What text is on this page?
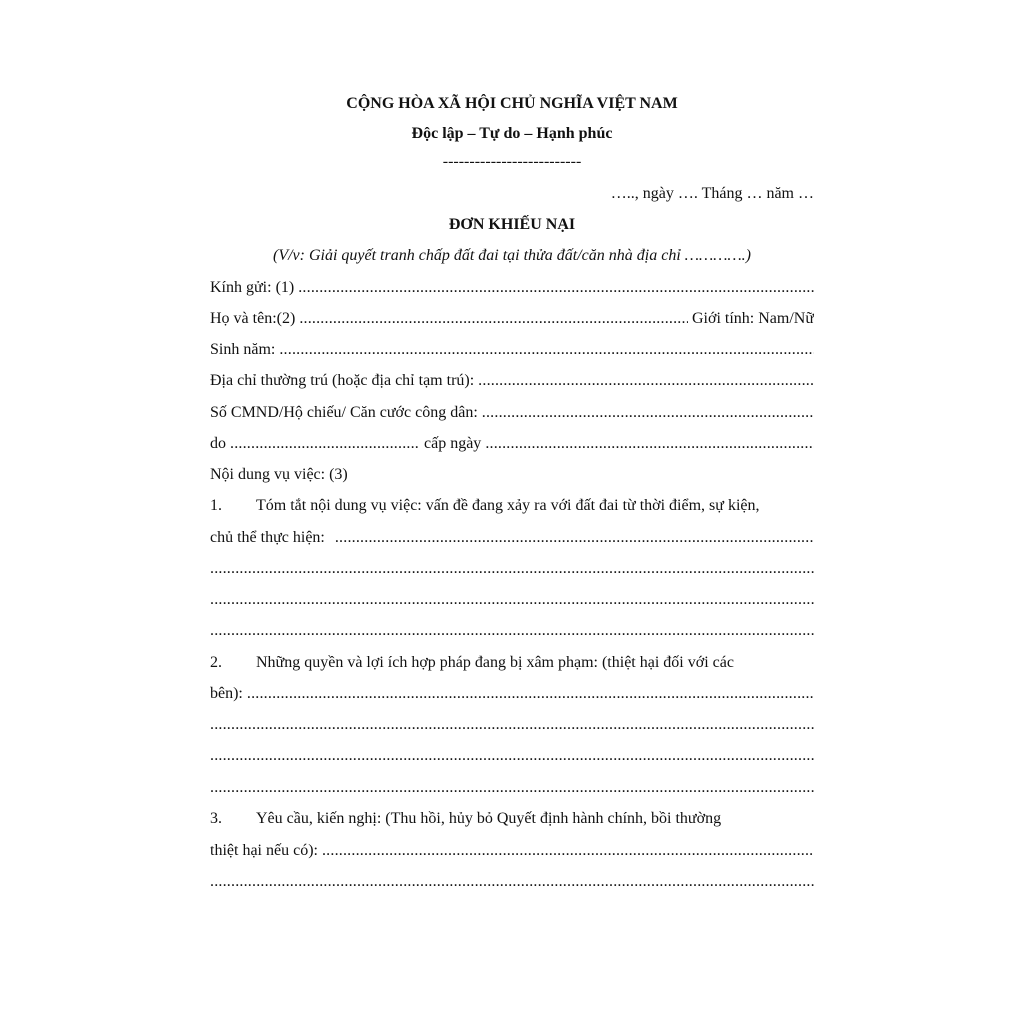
CỘNG HÒA XÃ HỘI CHỦ NGHĨA VIỆT NAM
Độc lập – Tự do – Hạnh phúc
--------------------------
….., ngày …. Tháng … năm …
ĐƠN KHIẾU NẠI
(V/v: Giải quyết tranh chấp đất đai tại thửa đất/căn nhà địa chỉ ………….)
Kính gửi: (1)
.....
Họ và tên:(2) .....	Giới tính: Nam/Nữ
Sinh năm:
.....
Địa chỉ thường trú (hoặc địa chỉ tạm trú):
.....
Số CMND/Hộ chiếu/ Căn cước công dân:
.....
do .....	cấp ngày
.....
Nội dung vụ việc: (3)
1. Tóm tắt nội dung vụ việc: vấn đề đang xảy ra với đất đai từ thời điểm, sự kiện,
chủ thể thực hiện:
.....
.....
.....
.....
2. Những quyền và lợi ích hợp pháp đang bị xâm phạm: (thiệt hại đối với các
bên):
.....
.....
.....
.....
3. Yêu cầu, kiến nghị: (Thu hồi, hủy bỏ Quyết định hành chính, bồi thường
thiệt hại nếu có):
.....
.....
